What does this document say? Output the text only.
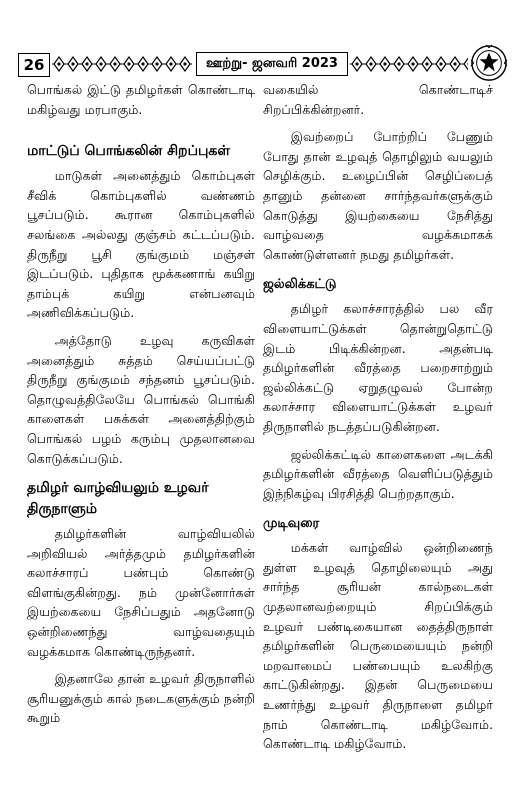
26	ஊற்று- ஜனவரி 2023

பொங்கல் இட்டு தமிழர்கள் கொண்டாடி மகிழ்வது மரபாகும்.

மாட்டுப் பொங்கலின் சிறப்புகள்

மாடுகள் அனைத்தும் கொம்புகள் சீவிக் கொம்புகளில் வண்ணம் பூசப்படும். கூரான கொம்புகளில் சலங்கை அல்லது குஞ்சம் கட்டப்படும். திருநீறு பூசி குங்குமம் மஞ்சள் இடப்படும். புதிதாக மூக்கணாங் கயிறு தாம்புக் கயிறு என்பனவும் அணிவிக்கப்படும்.

அத்தோடு உழவு கருவிகள் அனைத்தும் சுத்தம் செய்யப்பட்டு திருநீறு குங்குமம் சந்தனம் பூசப்படும். தொழுவத்திலேயே பொங்கல் பொங்கி காளைகள் பசுக்கள் அனைத்திற்கும் பொங்கல் பழம் கரும்பு முதலானவை கொடுக்கப்படும்.

தமிழர் வாழ்வியலும் உழவர் திருநாளும்

தமிழர்களின் வாழ்வியலில் அறிவியல் அர்த்தமும் தமிழர்களின் கலாச்சாரப் பண்பும் கொண்டு விளங்குகின்றது. நம் முன்னோர்கள் இயற்கையை நேசிப்பதும் அதனோடு ஒன்றிணைந்து வாழ்வதையும் வழக்கமாக கொண்டிருந்தனர்.

இதனாலே தான் உழவர் திருநாளில் சூரியனுக்கும் கால் நடைகளுக்கும் நன்றி கூறும்

வகையில் கொண்டாடிச் சிறப்பிக்கின்றனர்.

இவற்றைப் போற்றிப் பேணும் போது தான் உழவுத் தொழிலும் வயலும் செழிக்கும். உழைப்பின் செழிப்பைத் தானும் தன்னை சார்ந்தவர்களுக்கும் கொடுத்து இயற்கையை நேசித்து வாழ்வதை வழக்கமாகக் கொண்டுள்ளனர் நமது தமிழர்கள்.

ஜல்லிக்கட்டு

தமிழர் கலாச்சாரத்தில் பல வீர விளையாட்டுக்கள் தொன்றுதொட்டு இடம் பிடிக்கின்றன. அதன்படி தமிழர்களின் வீரத்தை பறைசாற்றும் ஜல்லிக்கட்டு ஏறுதழுவல் போன்ற கலாச்சார விளையாட்டுக்கள் உழவர் திருநாளில் நடத்தப்படுகின்றன.

ஜல்லிக்கட்டில் காளைகளை அடக்கி தமிழர்களின் வீரத்தை வெளிப்படுத்தும் இந்நிகழ்வு பிரசித்தி பெற்றதாகும்.

முடிவுரை

மக்கள் வாழ்வில் ஒன்றிணைந் துள்ள உழவுத் தொழிலையும் அது சார்ந்த சூரியன் கால்நடைகள் முதலானவற்றையும் சிறப்பிக்கும் உழவர் பண்டிகையான தைத்திருநாள் தமிழர்களின் பெருமையையும் நன்றி மறவாமைப் பண்பையும் உலகிற்கு காட்டுகின்றது. இதன் பெருமையை உணர்ந்து உழவர் திருநாளை தமிழர் நாம் கொண்டாடி மகிழ்வோம். கொண்டாடி மகிழ்வோம்.
